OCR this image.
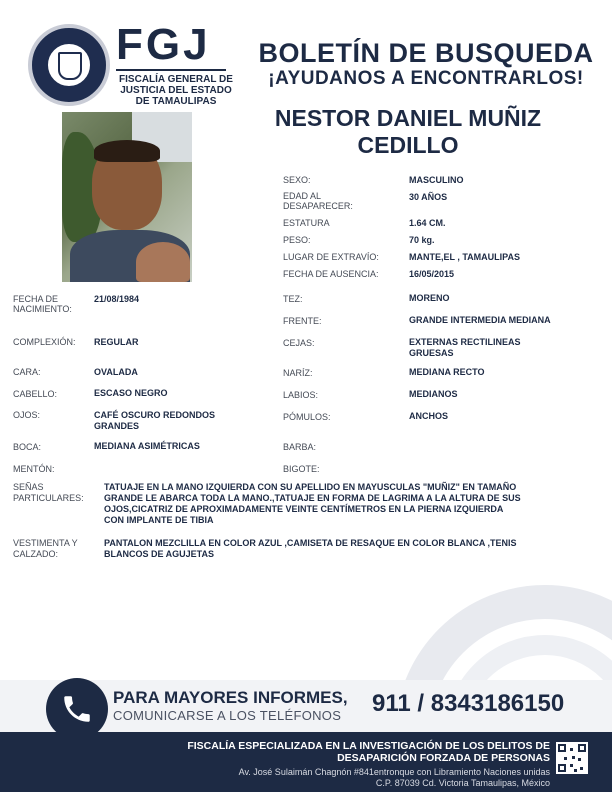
FGJ
FISCALÍA GENERAL DE
JUSTICIA DEL ESTADO
DE TAMAULIPAS
BOLETÍN DE BUSQUEDA
¡AYUDANOS A ENCONTRARLOS!
NESTOR DANIEL MUÑIZ
CEDILLO
SEXO:	MASCULINO
EDAD AL
DESAPARECER:
30 AÑOS
ESTATURA	1.64 CM.
PESO:	70 kg.
LUGAR DE EXTRAVÍO:	MANTE,EL , TAMAULIPAS
FECHA DE AUSENCIA:	16/05/2015
FECHA DE
NACIMIENTO:
21/08/1984
COMPLEXIÓN: REGULAR
CARA:	OVALADA
CABELLO:	ESCASO NEGRO
OJOS:	CAFÉ OSCURO REDONDOS
GRANDES
BOCA:	MEDIANA ASIMÉTRICAS
MENTÓN:
TEZ:	MORENO
FRENTE:	GRANDE INTERMEDIA MEDIANA
CEJAS:	EXTERNAS RECTILINEAS
GRUESAS
NARÍZ:	MEDIANA RECTO
LABIOS:	MEDIANOS
PÓMULOS:	ANCHOS
BARBA:
BIGOTE:
SEÑAS
PARTICULARES:
TATUAJE EN LA MANO IZQUIERDA CON SU APELLIDO EN MAYUSCULAS "MUÑIZ" EN TAMAÑO
GRANDE LE ABARCA TODA LA MANO.,TATUAJE EN FORMA DE LAGRIMA A LA ALTURA DE SUS
OJOS,CICATRIZ DE APROXIMADAMENTE VEINTE CENTÍMETROS EN LA PIERNA IZQUIERDA
CON IMPLANTE DE TIBIA
VESTIMENTA Y
CALZADO:
PANTALON MEZCLILLA EN COLOR AZUL ,CAMISETA DE RESAQUE EN COLOR BLANCA ,TENIS
BLANCOS DE AGUJETAS
PARA MAYORES INFORMES,
COMUNICARSE A LOS TELÉFONOS 911 / 8343186150
FISCALÍA ESPECIALIZADA EN LA INVESTIGACIÓN DE LOS DELITOS DE
DESAPARICIÓN FORZADA DE PERSONAS
Av. José Sulaimán Chagnón #841entronque con Libramiento Naciones unidas
C.P. 87039 Cd. Victoria Tamaulipas, México
